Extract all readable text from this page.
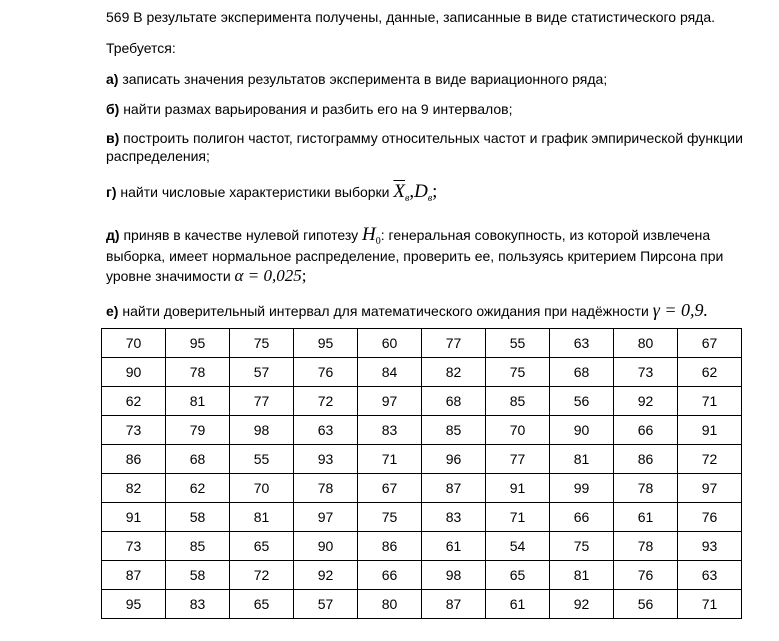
569 В результате эксперимента получены, данные, записанные в виде статистического ряда.
Требуется:
а) записать значения результатов эксперимента в виде вариационного ряда;
б) найти размах варьирования и разбить его на 9 интервалов;
в) построить полигон частот, гистограмму относительных частот и график эмпирической функции
распределения;
г) найти числовые характеристики выборки $\overline{X}_в,D_в$;
д) приняв в качестве нулевой гипотезу $H_0$: генеральная совокупность, из которой извлечена
выборка, имеет нормальное распределение, проверить ее, пользуясь критерием Пирсона при
уровне значимости α = 0,025;
е) найти доверительный интервал для математического ожидания при надёжности γ = 0,9.
70	95	75	95	60	77	55	63	80	67
90	78	57	76	84	82	75	68	73	62
62	81	77	72	97	68	85	56	92	71
73	79	98	63	83	85	70	90	66	91
86	68	55	93	71	96	77	81	86	72
82	62	70	78	67	87	91	99	78	97
91	58	81	97	75	83	71	66	61	76
73	85	65	90	86	61	54	75	78	93
87	58	72	92	66	98	65	81	76	63
95	83	65	57	80	87	61	92	56	71
